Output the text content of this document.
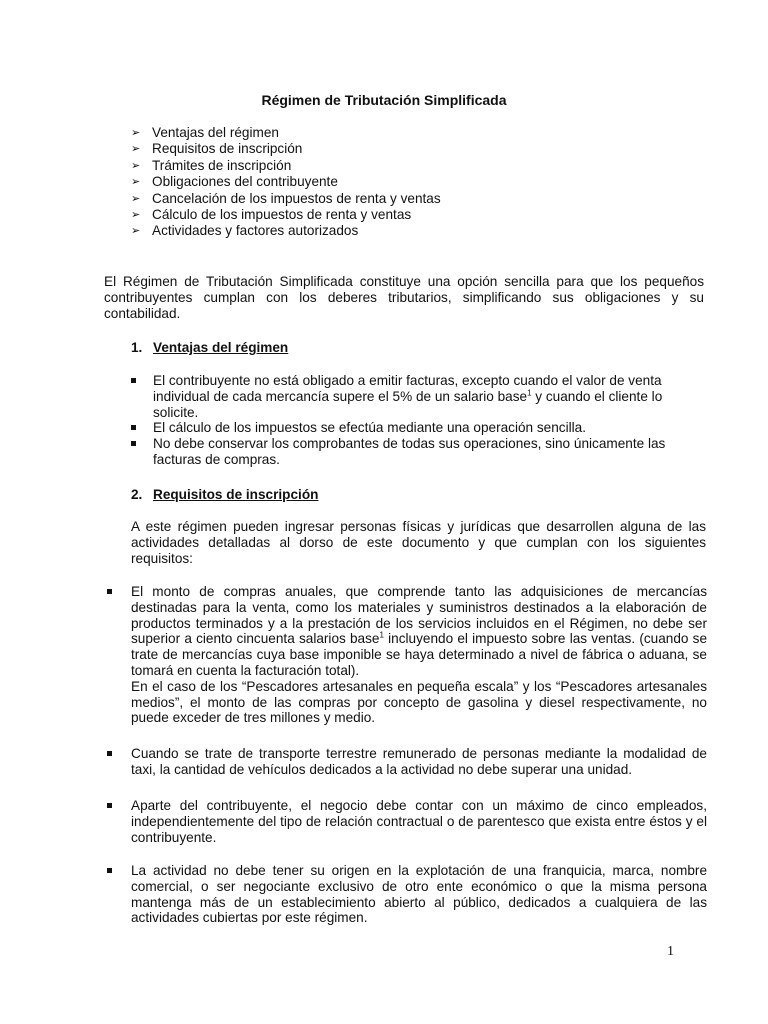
Régimen de Tributación Simplificada
➢ Ventajas del régimen
➢ Requisitos de inscripción
➢ Trámites de inscripción
➢ Obligaciones del contribuyente
➢ Cancelación de los impuestos de renta y ventas
➢ Cálculo de los impuestos de renta y ventas
➢ Actividades y factores autorizados

El Régimen de Tributación Simplificada constituye una opción sencilla para que los pequeños contribuyentes cumplan con los deberes tributarios, simplificando sus obligaciones y su contabilidad.

1. Ventajas del régimen
El contribuyente no está obligado a emitir facturas, excepto cuando el valor de venta individual de cada mercancía supere el 5% de un salario base$^1$ y cuando el cliente lo solicite.
El cálculo de los impuestos se efectúa mediante una operación sencilla.
No debe conservar los comprobantes de todas sus operaciones, sino únicamente las facturas de compras.
2. Requisitos de inscripción

A este régimen pueden ingresar personas físicas y jurídicas que desarrollen alguna de las actividades detalladas al dorso de este documento y que cumplan con los siguientes requisitos:

El monto de compras anuales, que comprende tanto las adquisiciones de mercancías destinadas para la venta, como los materiales y suministros destinados a la elaboración de productos terminados y a la prestación de los servicios incluidos en el Régimen, no debe ser superior a ciento cincuenta salarios base$^1$ incluyendo el impuesto sobre las ventas. (cuando se trate de mercancías cuya base imponible se haya determinado a nivel de fábrica o aduana, se tomará en cuenta la facturación total).

En el caso de los “Pescadores artesanales en pequeña escala” y los “Pescadores artesanales medios”, el monto de las compras por concepto de gasolina y diesel respectivamente, no puede exceder de tres millones y medio.

Cuando se trate de transporte terrestre remunerado de personas mediante la modalidad de taxi, la cantidad de vehículos dedicados a la actividad no debe superar una unidad.
Aparte del contribuyente, el negocio debe contar con un máximo de cinco empleados, independientemente del tipo de relación contractual o de parentesco que exista entre éstos y el contribuyente.
La actividad no debe tener su origen en la explotación de una franquicia, marca, nombre comercial, o ser negociante exclusivo de otro ente económico o que la misma persona mantenga más de un establecimiento abierto al público, dedicados a cualquiera de las actividades cubiertas por este régimen.
1
